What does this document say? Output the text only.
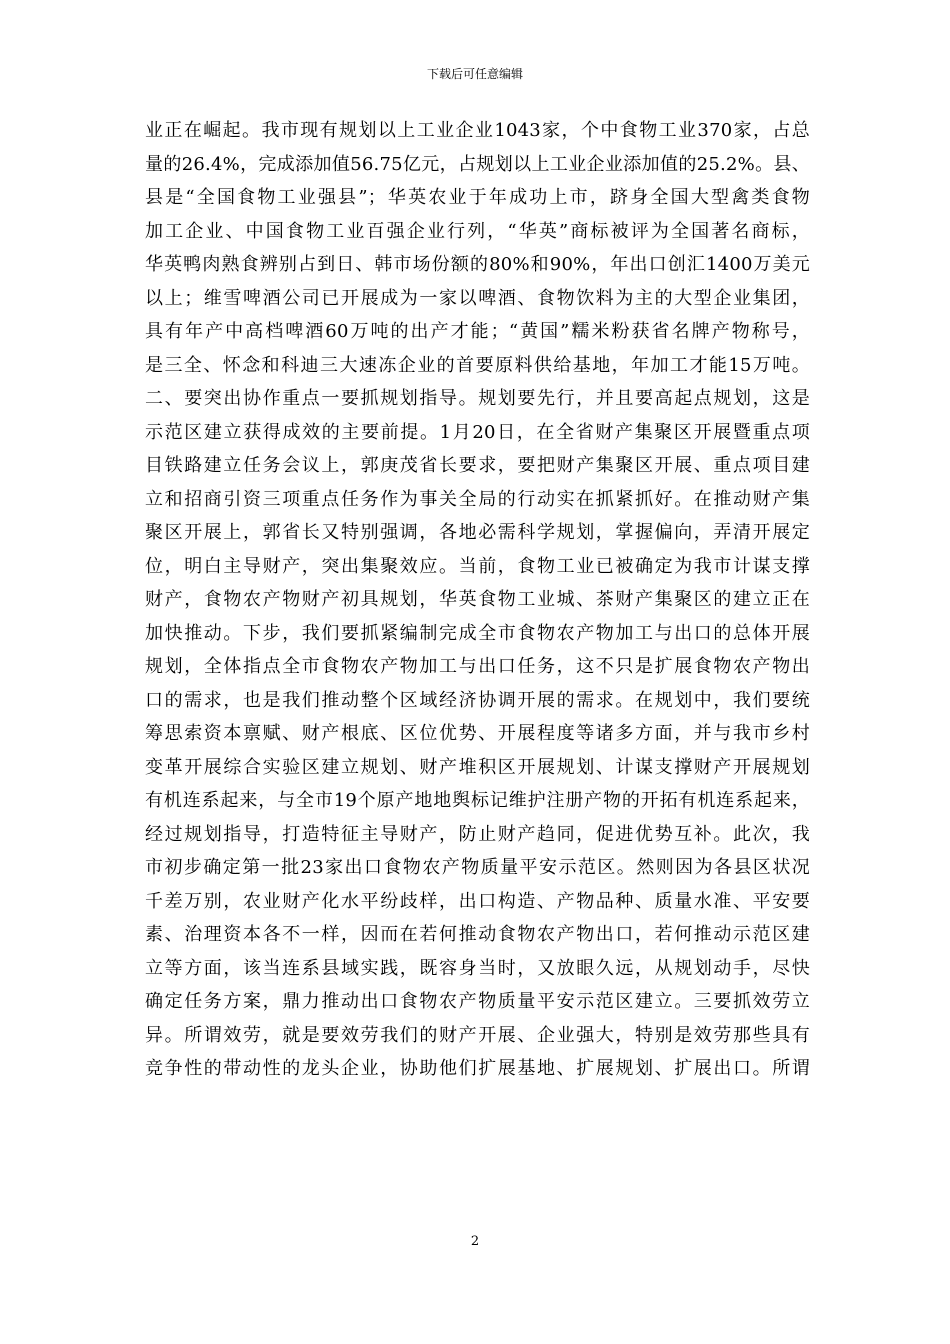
下载后可任意编辑
业正在崛起。我市现有规划以上工业企业1043家，个中食物工业370家，占总
量的26.4%，完成添加值56.75亿元，占规划以上工业企业添加值的25.2%。县、
县是“全国食物工业强县”；华英农业于年成功上市，跻身全国大型禽类食物
加工企业、中国食物工业百强企业行列，“华英”商标被评为全国著名商标，
华英鸭肉熟食辨别占到日、韩市场份额的80%和90%，年出口创汇1400万美元
以上；维雪啤酒公司已开展成为一家以啤酒、食物饮料为主的大型企业集团，
具有年产中高档啤酒60万吨的出产才能；“黄国”糯米粉获省名牌产物称号，
是三全、怀念和科迪三大速冻企业的首要原料供给基地，年加工才能15万吨。
二、要突出协作重点一要抓规划指导。规划要先行，并且要高起点规划，这是
示范区建立获得成效的主要前提。1月20日，在全省财产集聚区开展暨重点项
目铁路建立任务会议上，郭庚茂省长要求，要把财产集聚区开展、重点项目建
立和招商引资三项重点任务作为事关全局的行动实在抓紧抓好。在推动财产集
聚区开展上，郭省长又特别强调，各地必需科学规划，掌握偏向，弄清开展定
位，明白主导财产，突出集聚效应。当前，食物工业已被确定为我市计谋支撑
财产，食物农产物财产初具规划，华英食物工业城、茶财产集聚区的建立正在
加快推动。下步，我们要抓紧编制完成全市食物农产物加工与出口的总体开展
规划，全体指点全市食物农产物加工与出口任务，这不只是扩展食物农产物出
口的需求，也是我们推动整个区域经济协调开展的需求。在规划中，我们要统
筹思索资本禀赋、财产根底、区位优势、开展程度等诸多方面，并与我市乡村
变革开展综合实验区建立规划、财产堆积区开展规划、计谋支撑财产开展规划
有机连系起来，与全市19个原产地地舆标记维护注册产物的开拓有机连系起来，
经过规划指导，打造特征主导财产，防止财产趋同，促进优势互补。此次，我
市初步确定第一批23家出口食物农产物质量平安示范区。然则因为各县区状况
千差万别，农业财产化水平纷歧样，出口构造、产物品种、质量水准、平安要
素、治理资本各不一样，因而在若何推动食物农产物出口，若何推动示范区建
立等方面，该当连系县域实践，既容身当时，又放眼久远，从规划动手，尽快
确定任务方案，鼎力推动出口食物农产物质量平安示范区建立。三要抓效劳立
异。所谓效劳，就是要效劳我们的财产开展、企业强大，特别是效劳那些具有
竞争性的带动性的龙头企业，协助他们扩展基地、扩展规划、扩展出口。所谓
2
